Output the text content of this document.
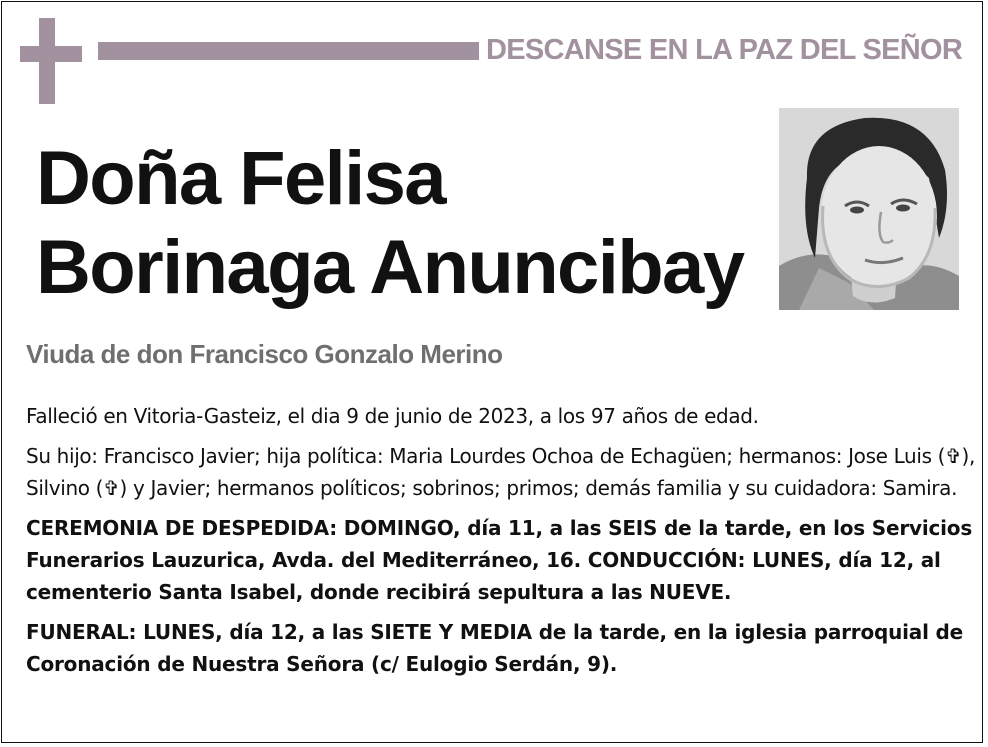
DESCANSE EN LA PAZ DEL SEÑOR
Doña Felisa
Borinaga Anuncibay
Viuda de don Francisco Gonzalo Merino

Falleció en Vitoria-Gasteiz, el dia 9 de junio de 2023, a los 97 años de edad.

Su hijo: Francisco Javier; hija política: Maria Lourdes Ochoa de Echagüen; hermanos: Jose Luis (✞), Silvino (✞) y Javier; hermanos políticos; sobrinos; primos; demás familia y su cuidadora: Samira.

CEREMONIA DE DESPEDIDA: DOMINGO, día 11, a las SEIS de la tarde, en los Servicios Funerarios Lauzurica, Avda. del Mediterráneo, 16. CONDUCCIÓN: LUNES, día 12, al cementerio Santa Isabel, donde recibirá sepultura a las NUEVE.

FUNERAL: LUNES, día 12, a las SIETE Y MEDIA de la tarde, en la iglesia parroquial de Coronación de Nuestra Señora (c/ Eulogio Serdán, 9).
